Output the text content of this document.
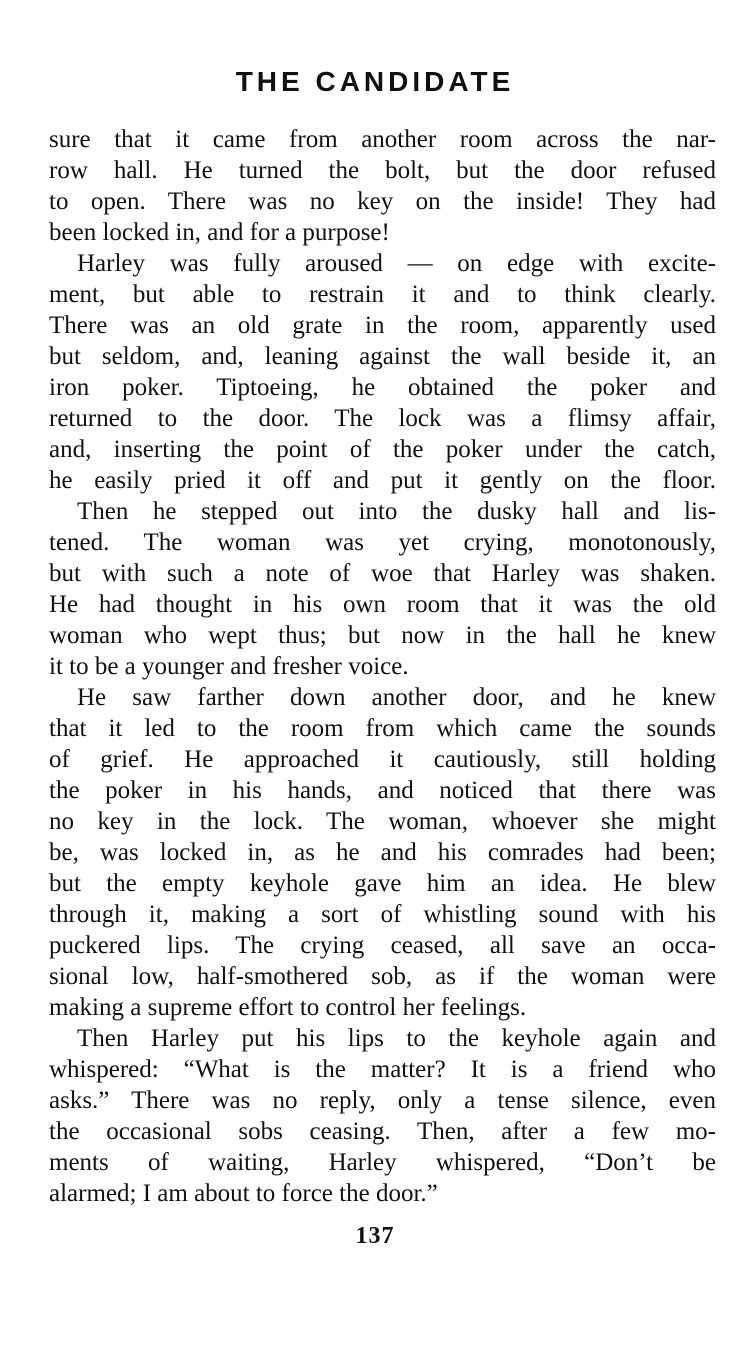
THE CANDIDATE

sure that it came from another room across the nar-
row hall. He turned the bolt, but the door refused
to open. There was no key on the inside! They had
been locked in, and for a purpose!

Harley was fully aroused — on edge with excite-
ment, but able to restrain it and to think clearly.
There was an old grate in the room, apparently used
but seldom, and, leaning against the wall beside it, an
iron poker. Tiptoeing, he obtained the poker and
returned to the door. The lock was a flimsy affair,
and, inserting the point of the poker under the catch,
he easily pried it off and put it gently on the floor.

Then he stepped out into the dusky hall and lis-
tened. The woman was yet crying, monotonously,
but with such a note of woe that Harley was shaken.
He had thought in his own room that it was the old
woman who wept thus; but now in the hall he knew
it to be a younger and fresher voice.

He saw farther down another door, and he knew
that it led to the room from which came the sounds
of grief. He approached it cautiously, still holding
the poker in his hands, and noticed that there was
no key in the lock. The woman, whoever she might
be, was locked in, as he and his comrades had been;
but the empty keyhole gave him an idea. He blew
through it, making a sort of whistling sound with his
puckered lips. The crying ceased, all save an occa-
sional low, half-smothered sob, as if the woman were
making a supreme effort to control her feelings.

Then Harley put his lips to the keyhole again and
whispered: “What is the matter? It is a friend who
asks.” There was no reply, only a tense silence, even
the occasional sobs ceasing. Then, after a few mo-
ments of waiting, Harley whispered, “Don’t be
alarmed; I am about to force the door.”

137
